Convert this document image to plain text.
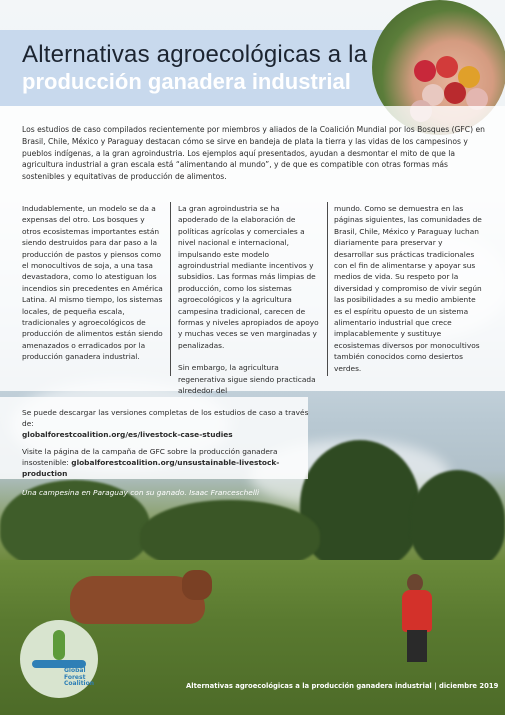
Alternativas agroecológicas a la
producción ganadera industrial
Los estudios de caso compilados recientemente por miembros y aliados de la Coalición Mundial por los Bosques (GFC) en Brasil, Chile, México y Paraguay destacan cómo se sirve en bandeja de plata la tierra y las vidas de los campesinos y pueblos indígenas, a la gran agroindustria. Los ejemplos aquí presentados, ayudan a desmontar el mito de que la agricultura industrial a gran escala está “alimentando al mundo”, y de que es compatible con otras formas más sostenibles y equitativas de producción de alimentos.

Indudablemente, un modelo se da a expensas del otro. Los bosques y otros ecosistemas importantes están siendo destruidos para dar paso a la producción de pastos y piensos como el monocultivos de soja, a una tasa devastadora, como lo atestiguan los incendios sin precedentes en América Latina. Al mismo tiempo, los sistemas locales, de pequeña escala, tradicionales y agroecológicos de producción de alimentos están siendo amenazados o erradicados por la producción ganadera industrial.

La gran agroindustria se ha apoderado de la elaboración de políticas agrícolas y comerciales a nivel nacional e internacional, impulsando este modelo agroindustrial mediante incentivos y subsidios. Las formas más limpias de producción, como los sistemas agroecológicos y la agricultura campesina tradicional, carecen de formas y niveles apropiados de apoyo y muchas veces se ven marginadas y penalizadas.

Sin embargo, la agricultura regenerativa sigue siendo practicada alrededor del

mundo. Como se demuestra en las páginas siguientes, las comunidades de Brasil, Chile, México y Paraguay luchan diariamente para preservar y desarrollar sus prácticas tradicionales con el fin de alimentarse y apoyar sus medios de vida. Su respeto por la diversidad y compromiso de vivir según las posibilidades a su medio ambiente es el espíritu opuesto de un sistema alimentario industrial que crece implacablemente y sustituye ecosistemas diversos por monocultivos también conocidos como desiertos verdes.

Se puede descargar las versiones completas de los estudios de caso a través de:
globalforestcoalition.org/es/livestock-case-studies
Visite la página de la campaña de GFC sobre la producción ganadera
insostenible: globalforestcoalition.org/unsustainable-livestock-production
Una campesina en Paraguay con su ganado. Isaac Franceschelli
Global
Forest
Coalition	Alternativas agroecológicas a la producción ganadera industrial | diciembre 2019
